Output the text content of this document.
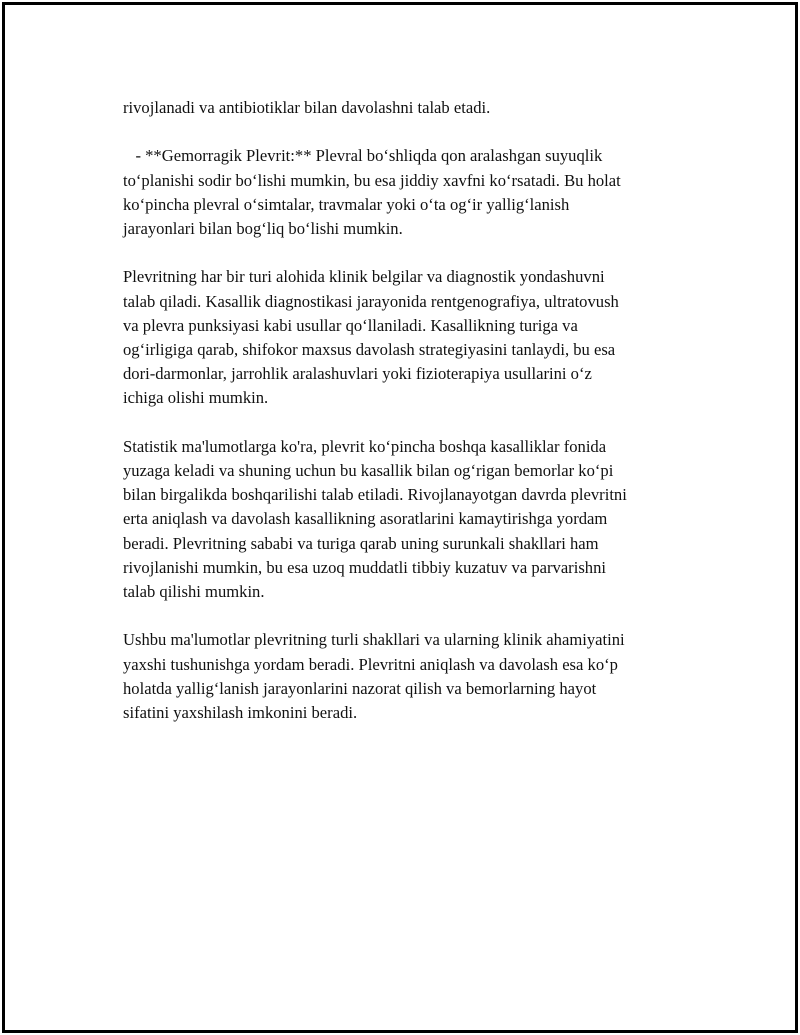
rivojlanadi va antibiotiklar bilan davolashni talab etadi.

- **Gemorragik Plevrit:** Plevral bo‘shliqda qon aralashgan suyuqlik
to‘planishi sodir bo‘lishi mumkin, bu esa jiddiy xavfni ko‘rsatadi. Bu holat
ko‘pincha plevral o‘simtalar, travmalar yoki o‘ta og‘ir yallig‘lanish
jarayonlari bilan bog‘liq bo‘lishi mumkin.

Plevritning har bir turi alohida klinik belgilar va diagnostik yondashuvni
talab qiladi. Kasallik diagnostikasi jarayonida rentgenografiya, ultratovush
va plevra punksiyasi kabi usullar qo‘llaniladi. Kasallikning turiga va
og‘irligiga qarab, shifokor maxsus davolash strategiyasini tanlaydi, bu esa
dori-darmonlar, jarrohlik aralashuvlari yoki fizioterapiya usullarini o‘z
ichiga olishi mumkin.

Statistik ma'lumotlarga ko'ra, plevrit ko‘pincha boshqa kasalliklar fonida
yuzaga keladi va shuning uchun bu kasallik bilan og‘rigan bemorlar ko‘pi
bilan birgalikda boshqarilishi talab etiladi. Rivojlanayotgan davrda plevritni
erta aniqlash va davolash kasallikning asoratlarini kamaytirishga yordam
beradi. Plevritning sababi va turiga qarab uning surunkali shakllari ham
rivojlanishi mumkin, bu esa uzoq muddatli tibbiy kuzatuv va parvarishni
talab qilishi mumkin.

Ushbu ma'lumotlar plevritning turli shakllari va ularning klinik ahamiyatini
yaxshi tushunishga yordam beradi. Plevritni aniqlash va davolash esa ko‘p
holatda yallig‘lanish jarayonlarini nazorat qilish va bemorlarning hayot
sifatini yaxshilash imkonini beradi.
